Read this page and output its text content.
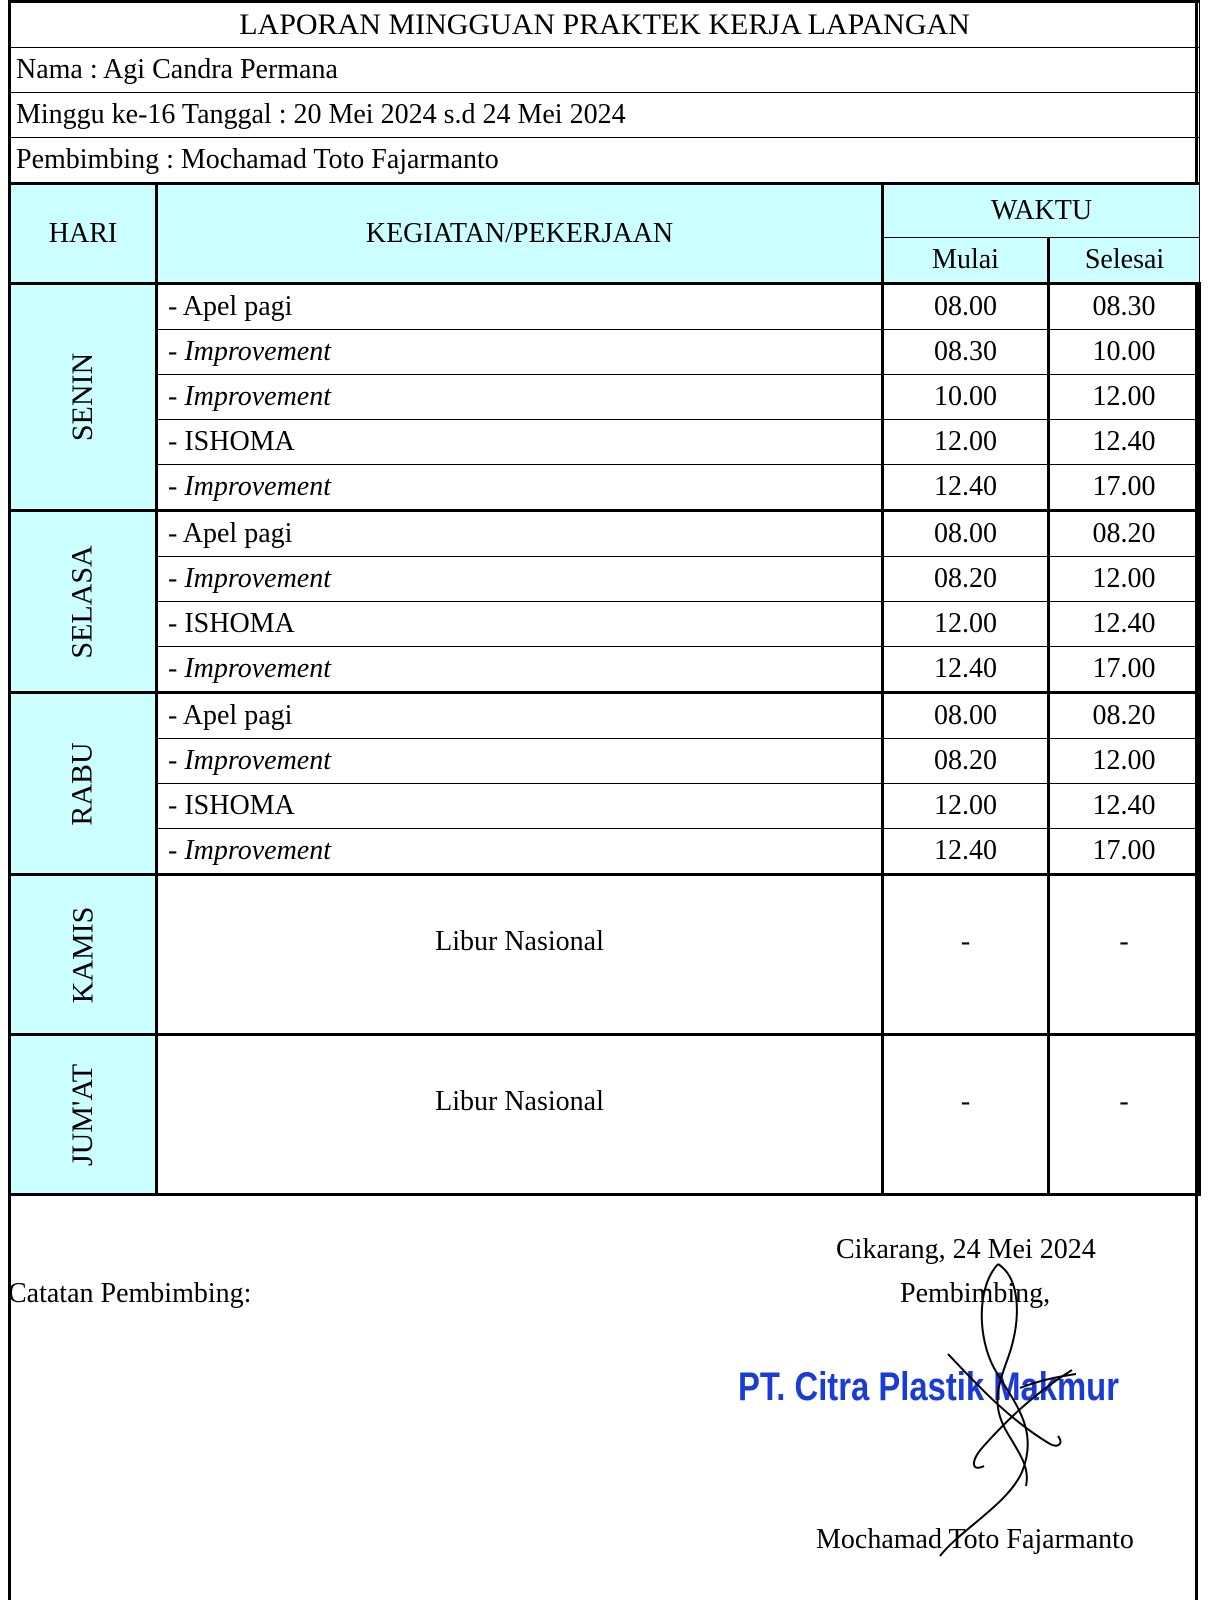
LAPORAN MINGGUAN PRAKTEK KERJA LAPANGAN			
Nama : Agi Candra Permana			
Minggu ke-16 Tanggal : 20 Mei 2024 s.d 24 Mei 2024			
Pembimbing : Mochamad Toto Fajarmanto			
HARI	KEGIATAN/PEKERJAAN	WAKTU	
		Mulai	Selesai
SENIN	- Apel pagi	08.00	08.30
	- Improvement	08.30	10.00
	- Improvement	10.00	12.00
	- ISHOMA	12.00	12.40
	- Improvement	12.40	17.00
SELASA	- Apel pagi	08.00	08.20
	- Improvement	08.20	12.00
	- ISHOMA	12.00	12.40
	- Improvement	12.40	17.00
RABU	- Apel pagi	08.00	08.20
	- Improvement	08.20	12.00
	- ISHOMA	12.00	12.40
	- Improvement	12.40	17.00
KAMIS	Libur Nasional	-	-
JUM'AT	Libur Nasional	-	-
Catatan Pembimbing:
Cikarang, 24 Mei 2024
Pembimbing,
Mochamad Toto Fajarmanto
PT. Citra Plastik Makmur
